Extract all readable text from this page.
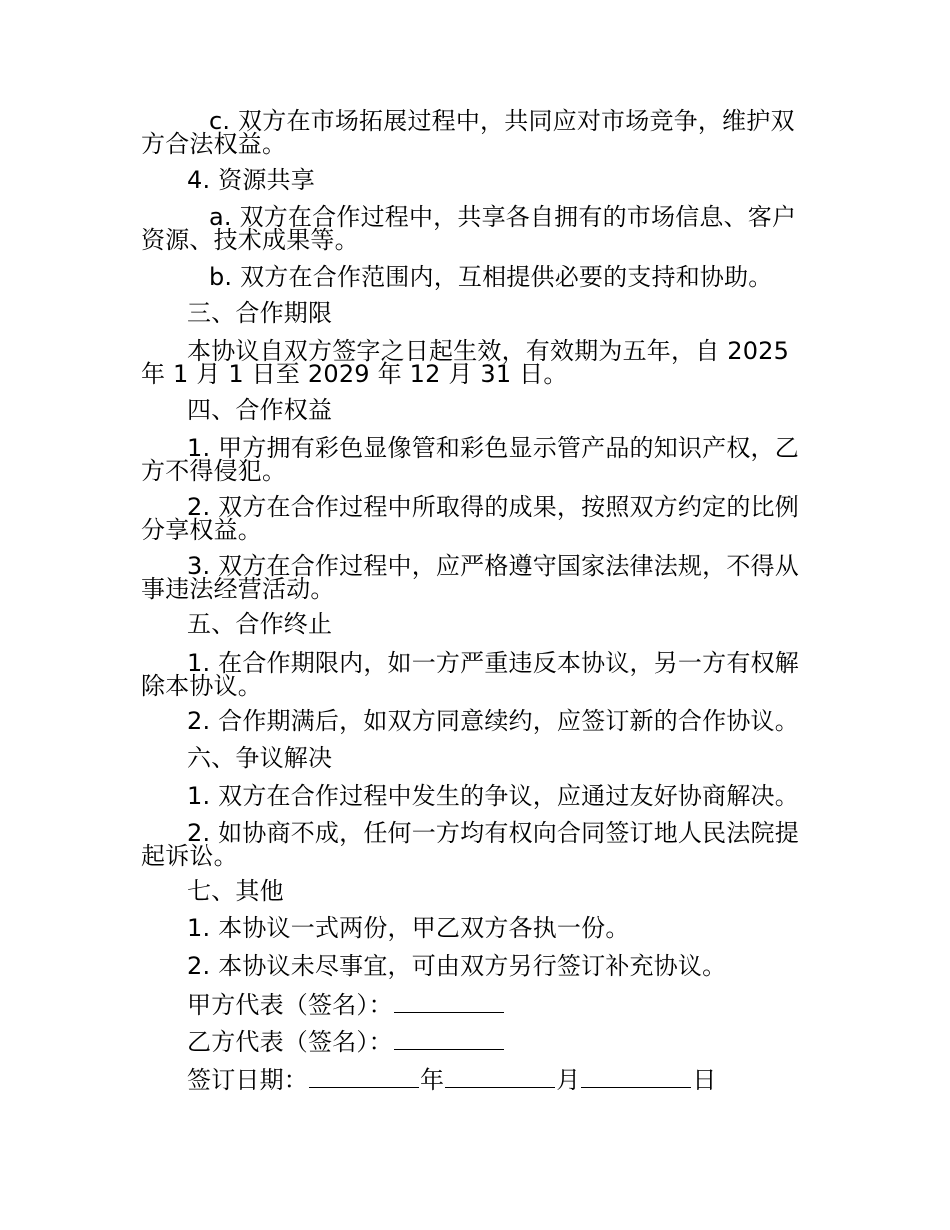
c. 双方在市场拓展过程中，共同应对市场竞争，维护双

方合法权益。

4. 资源共享

a. 双方在合作过程中，共享各自拥有的市场信息、客户

资源、技术成果等。

b. 双方在合作范围内，互相提供必要的支持和协助。

三、合作期限

本协议自双方签字之日起生效，有效期为五年，自 2025

年 1 月 1 日至 2029 年 12 月 31 日。

四、合作权益

1. 甲方拥有彩色显像管和彩色显示管产品的知识产权，乙

方不得侵犯。

2. 双方在合作过程中所取得的成果，按照双方约定的比例

分享权益。

3. 双方在合作过程中，应严格遵守国家法律法规，不得从

事违法经营活动。

五、合作终止

1. 在合作期限内，如一方严重违反本协议，另一方有权解

除本协议。

2. 合作期满后，如双方同意续约，应签订新的合作协议。

六、争议解决

1. 双方在合作过程中发生的争议，应通过友好协商解决。

2. 如协商不成，任何一方均有权向合同签订地人民法院提

起诉讼。

七、其他

1. 本协议一式两份，甲乙双方各执一份。

2. 本协议未尽事宜，可由双方另行签订补充协议。

甲方代表（签名）：

乙方代表（签名）：

签订日期：	年	月	日
